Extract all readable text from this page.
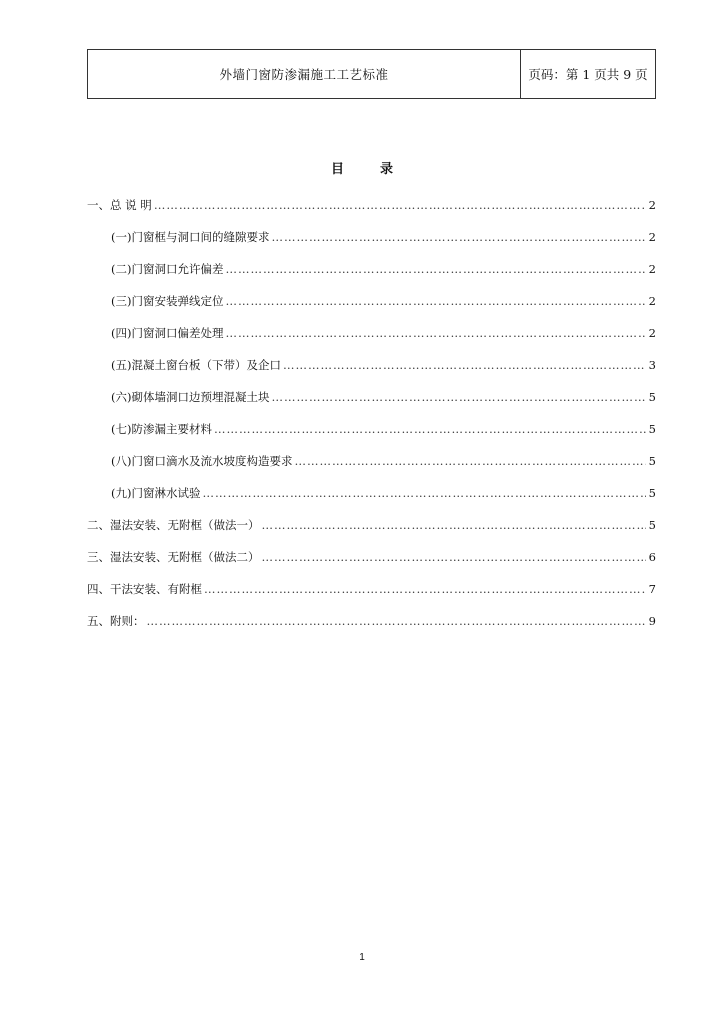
外墙门窗防渗漏施工工艺标准	页码：第 1 页共 9 页
目	录
一、 总 说 明 ……………………………………………………………………………………………………………………………………………………………………………………………………………………	2
(一) 门窗框与洞口间的缝隙要求 ……………………………………………………………………………………………………………………………………………………………………………………………………………………	2
(二) 门窗洞口允许偏差 ……………………………………………………………………………………………………………………………………………………………………………………………………………………	2
(三) 门窗安装弹线定位 ……………………………………………………………………………………………………………………………………………………………………………………………………………………	2
(四) 门窗洞口偏差处理 ……………………………………………………………………………………………………………………………………………………………………………………………………………………	2
(五) 混凝土窗台板（下带）及企口 ……………………………………………………………………………………………………………………………………………………………………………………………………………………	3
(六) 砌体墙洞口边预埋混凝土块 ……………………………………………………………………………………………………………………………………………………………………………………………………………………	5
(七) 防渗漏主要材料 ……………………………………………………………………………………………………………………………………………………………………………………………………………………	5
(八) 门窗口滴水及流水坡度构造要求 ……………………………………………………………………………………………………………………………………………………………………………………………………………………	5
(九) 门窗淋水试验 ……………………………………………………………………………………………………………………………………………………………………………………………………………………	5
二、 湿法安装、无附框（做法一） ……………………………………………………………………………………………………………………………………………………………………………………………………………………	5
三、 湿法安装、无附框（做法二） ……………………………………………………………………………………………………………………………………………………………………………………………………………………	6
四、 干法安装、有附框 ……………………………………………………………………………………………………………………………………………………………………………………………………………………	7
五、 附则： ……………………………………………………………………………………………………………………………………………………………………………………………………………………	9
1
